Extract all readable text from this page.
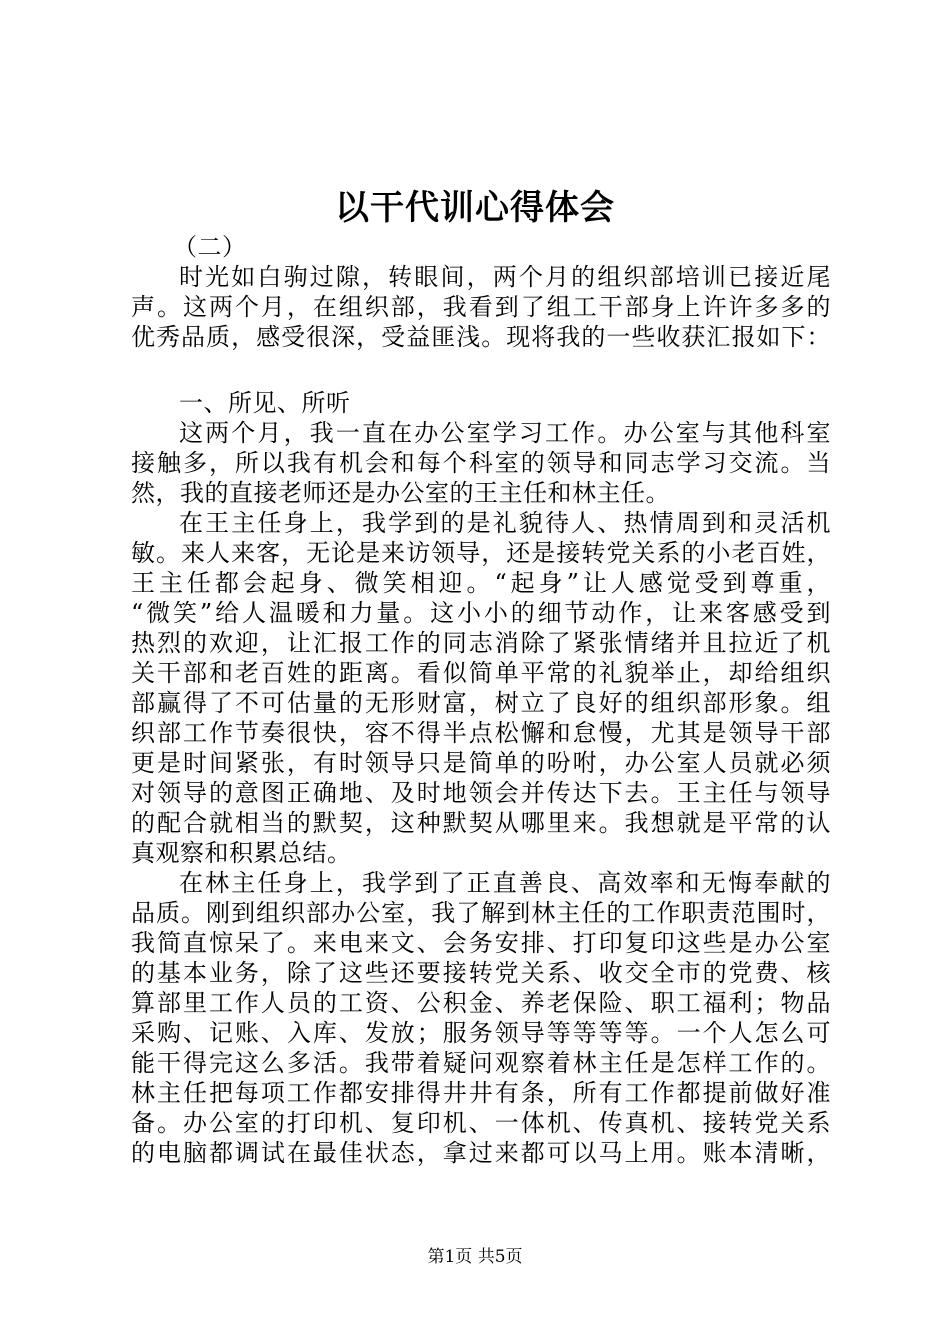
以干代训心得体会
（二）
时光如白驹过隙，转眼间，两个月的组织部培训已接近尾
声。这两个月，在组织部，我看到了组工干部身上许许多多的
优秀品质，感受很深，受益匪浅。现将我的一些收获汇报如下：
一、所见、所听
这两个月，我一直在办公室学习工作。办公室与其他科室
接触多，所以我有机会和每个科室的领导和同志学习交流。当
然，我的直接老师还是办公室的王主任和林主任。
在王主任身上，我学到的是礼貌待人、热情周到和灵活机
敏。来人来客，无论是来访领导，还是接转党关系的小老百姓，
王主任都会起身、微笑相迎。“起身”让人感觉受到尊重，
“微笑”给人温暖和力量。这小小的细节动作，让来客感受到
热烈的欢迎，让汇报工作的同志消除了紧张情绪并且拉近了机
关干部和老百姓的距离。看似简单平常的礼貌举止，却给组织
部赢得了不可估量的无形财富，树立了良好的组织部形象。组
织部工作节奏很快，容不得半点松懈和怠慢，尤其是领导干部
更是时间紧张，有时领导只是简单的吩咐，办公室人员就必须
对领导的意图正确地、及时地领会并传达下去。王主任与领导
的配合就相当的默契，这种默契从哪里来。我想就是平常的认
真观察和积累总结。
在林主任身上，我学到了正直善良、高效率和无悔奉献的
品质。刚到组织部办公室，我了解到林主任的工作职责范围时，
我简直惊呆了。来电来文、会务安排、打印复印这些是办公室
的基本业务，除了这些还要接转党关系、收交全市的党费、核
算部里工作人员的工资、公积金、养老保险、职工福利；物品
采购、记账、入库、发放；服务领导等等等等。一个人怎么可
能干得完这么多活。我带着疑问观察着林主任是怎样工作的。
林主任把每项工作都安排得井井有条，所有工作都提前做好准
备。办公室的打印机、复印机、一体机、传真机、接转党关系
的电脑都调试在最佳状态，拿过来都可以马上用。账本清晰，
第1页 共5页
